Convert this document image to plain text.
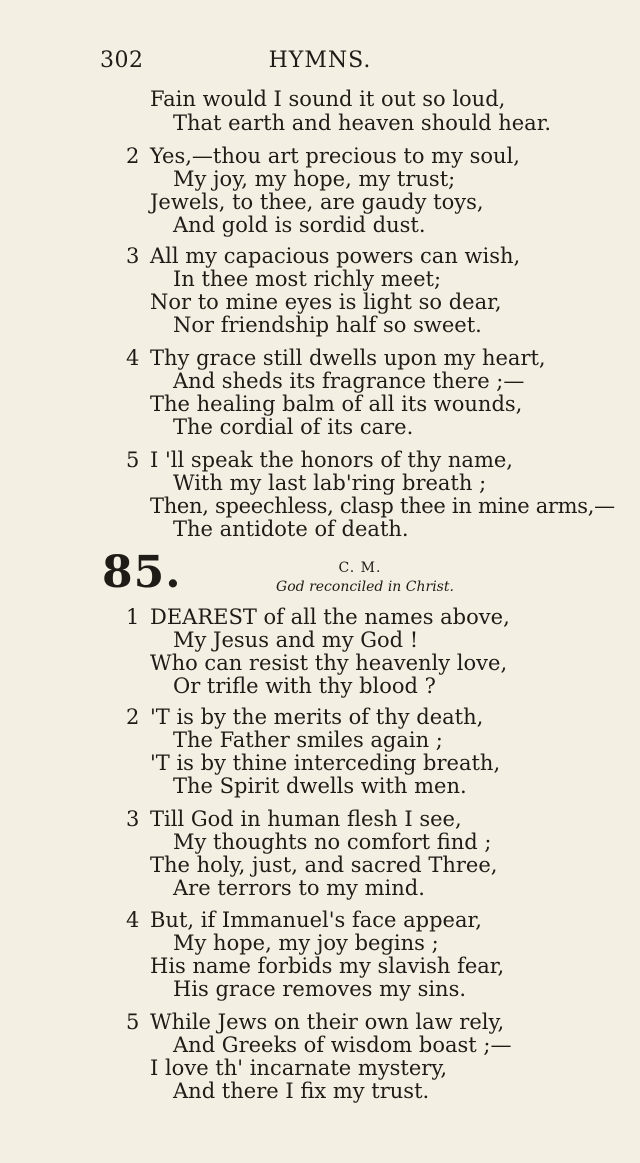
302	HYMNS.
Fain would I sound it out so loud,
That earth and heaven should hear.
2 Yes,—thou art precious to my soul,
My joy, my hope, my trust;
Jewels, to thee, are gaudy toys,
And gold is sordid dust.
3 All my capacious powers can wish,
In thee most richly meet;
Nor to mine eyes is light so dear,
Nor friendship half so sweet.
4 Thy grace still dwells upon my heart,
And sheds its fragrance there ;—
The healing balm of all its wounds,
The cordial of its care.
5 I 'll speak the honors of thy name,
With my last lab'ring breath ;
Then, speechless, clasp thee in mine arms,—
The antidote of death.
85.	C. M.
God reconciled in Christ.
1 DEAREST of all the names above,
My Jesus and my God !
Who can resist thy heavenly love,
Or trifle with thy blood ?
2 'T is by the merits of thy death,
The Father smiles again ;
'T is by thine interceding breath,
The Spirit dwells with men.
3 Till God in human flesh I see,
My thoughts no comfort find ;
The holy, just, and sacred Three,
Are terrors to my mind.
4 But, if Immanuel's face appear,
My hope, my joy begins ;
His name forbids my slavish fear,
His grace removes my sins.
5 While Jews on their own law rely,
And Greeks of wisdom boast ;—
I love th' incarnate mystery,
And there I fix my trust.
